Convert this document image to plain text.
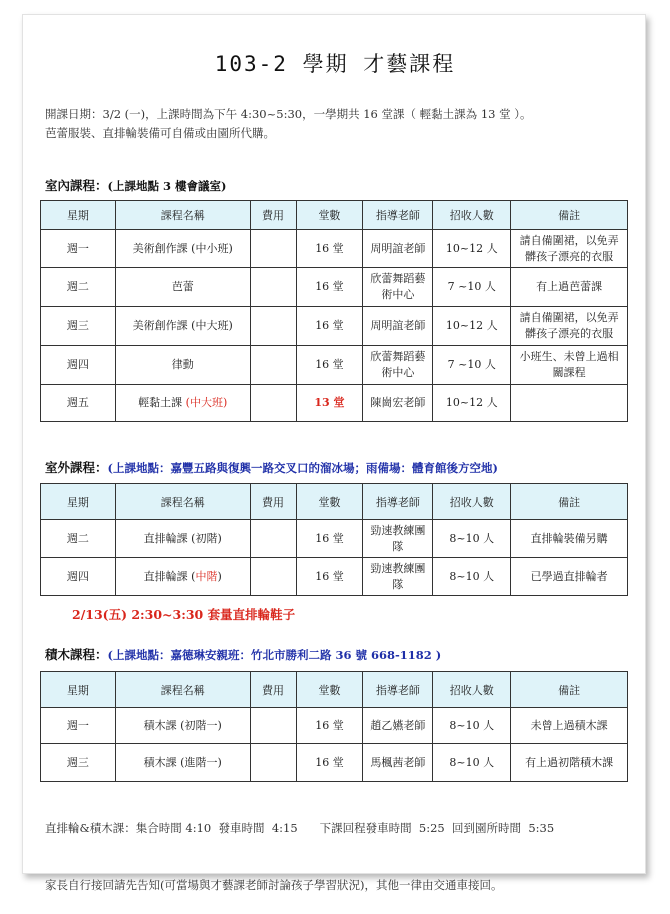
103-2 學期 才藝課程
開課日期：3/2 (一)，上課時間為下午 4:30~5:30，一學期共 16 堂課（ 輕黏土課為 13 堂 ）。
芭蕾服裝、直排輪裝備可自備或由園所代購。
室內課程：(上課地點 3 樓會議室)
星期	課程名稱	費用	堂數	指導老師	招收人數	備註
週一	美術創作課 (中小班)		16 堂	周明誼老師	10~12 人	請自備圍裙，以免弄髒孩子漂亮的衣服
週二	芭蕾		16 堂	欣蕾舞蹈藝術中心	7 ~10 人	有上過芭蕾課
週三	美術創作課 (中大班)		16 堂	周明誼老師	10~12 人	請自備圍裙，以免弄髒孩子漂亮的衣服
週四	律動		16 堂	欣蕾舞蹈藝術中心	7 ~10 人	小班生、未曾上過相關課程
週五	輕黏土課 (中大班)		13 堂	陳崗宏老師	10~12 人	
室外課程：(上課地點：嘉豐五路與復興一路交叉口的溜冰場；雨備場：體育館後方空地)
星期	課程名稱	費用	堂數	指導老師	招收人數	備註
週二	直排輪課 (初階)		16 堂	勁速教練團隊	8~10 人	直排輪裝備另購
週四	直排輪課 (中階)		16 堂	勁速教練團隊	8~10 人	已學過直排輪者
2/13(五) 2:30~3:30 套量直排輪鞋子
積木課程：(上課地點：嘉德琳安親班：竹北市勝利二路 36 號 668-1182 )
星期	課程名稱	費用	堂數	指導老師	招收人數	備註
週一	積木課 (初階一)		16 堂	趙乙嬿老師	8~10 人	未曾上過積木課
週三	積木課 (進階一)		16 堂	馬楓茜老師	8~10 人	有上過初階積木課

直排輪&積木課：集合時間 4:10  發車時間  4:15      下課回程發車時間  5:25  回到園所時間  5:35

家長自行接回請先告知(可當場與才藝課老師討論孩子學習狀況)，其他一律由交通車接回。
